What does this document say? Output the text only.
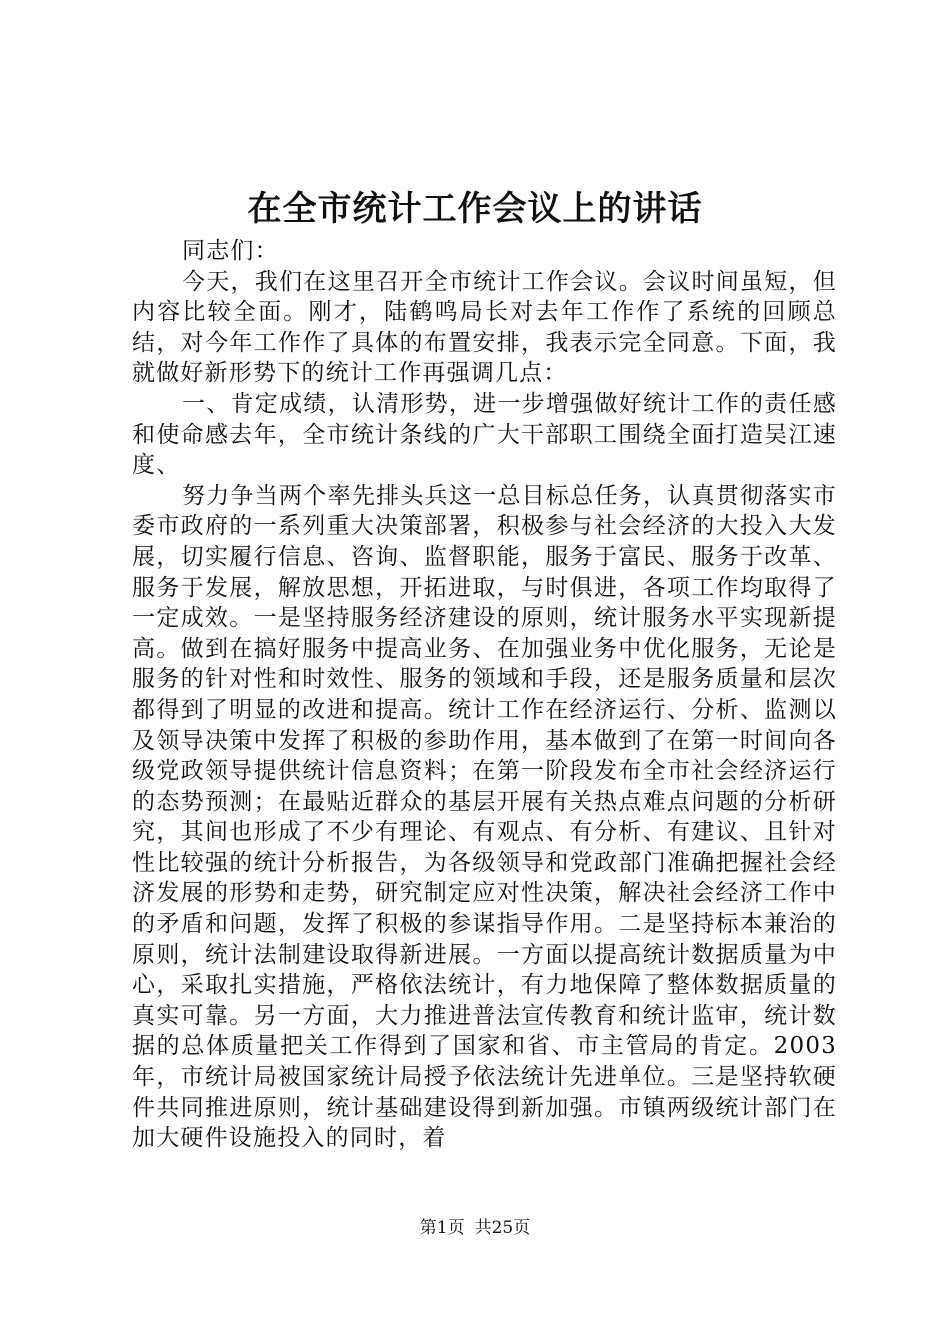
在全市统计工作会议上的讲话

同志们：

今天，我们在这里召开全市统计工作会议。会议时间虽短，但内容比较全面。刚才，陆鹤鸣局长对去年工作作了系统的回顾总结，对今年工作作了具体的布置安排，我表示完全同意。下面，我就做好新形势下的统计工作再强调几点：

一、肯定成绩，认清形势，进一步增强做好统计工作的责任感和使命感去年，全市统计条线的广大干部职工围绕全面打造吴江速度、

努力争当两个率先排头兵这一总目标总任务，认真贯彻落实市委市政府的一系列重大决策部署，积极参与社会经济的大投入大发展，切实履行信息、咨询、监督职能，服务于富民、服务于改革、服务于发展，解放思想，开拓进取，与时俱进，各项工作均取得了一定成效。一是坚持服务经济建设的原则，统计服务水平实现新提高。做到在搞好服务中提高业务、在加强业务中优化服务，无论是服务的针对性和时效性、服务的领域和手段，还是服务质量和层次都得到了明显的改进和提高。统计工作在经济运行、分析、监测以及领导决策中发挥了积极的参助作用，基本做到了在第一时间向各级党政领导提供统计信息资料；在第一阶段发布全市社会经济运行的态势预测；在最贴近群众的基层开展有关热点难点问题的分析研究，其间也形成了不少有理论、有观点、有分析、有建议、且针对性比较强的统计分析报告，为各级领导和党政部门准确把握社会经济发展的形势和走势，研究制定应对性决策，解决社会经济工作中的矛盾和问题，发挥了积极的参谋指导作用。二是坚持标本兼治的原则，统计法制建设取得新进展。一方面以提高统计数据质量为中心，采取扎实措施，严格依法统计，有力地保障了整体数据质量的真实可靠。另一方面，大力推进普法宣传教育和统计监审，统计数据的总体质量把关工作得到了国家和省、市主管局的肯定。2003年，市统计局被国家统计局授予依法统计先进单位。三是坚持软硬件共同推进原则，统计基础建设得到新加强。市镇两级统计部门在加大硬件设施投入的同时，着

第1页 共25页
